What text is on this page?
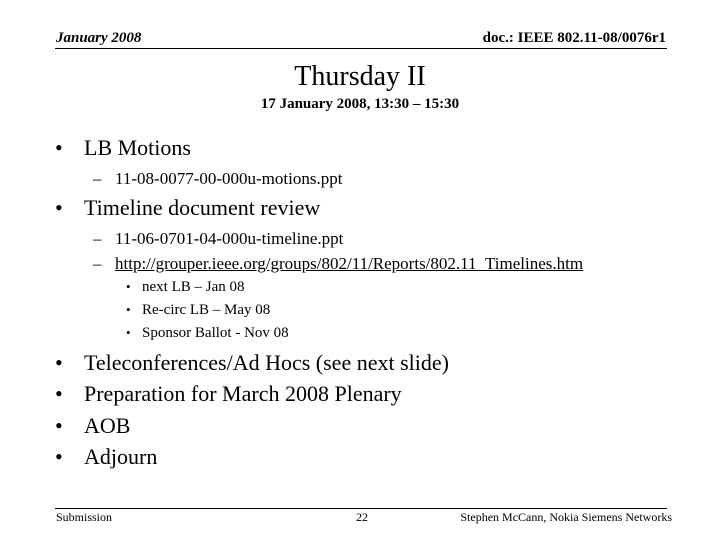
January 2008	doc.: IEEE 802.11-08/0076r1
Thursday II
17 January 2008, 13:30 – 15:30
• LB Motions
– 11-08-0077-00-000u-motions.ppt
• Timeline document review
– 11-06-0701-04-000u-timeline.ppt
– http://grouper.ieee.org/groups/802/11/Reports/802.11_Timelines.htm
• next LB – Jan 08
• Re-circ LB – May 08
• Sponsor Ballot - Nov 08
• Teleconferences/Ad Hocs (see next slide)
• Preparation for March 2008 Plenary
• AOB
• Adjourn
Submission	22	Stephen McCann, Nokia Siemens Networks
